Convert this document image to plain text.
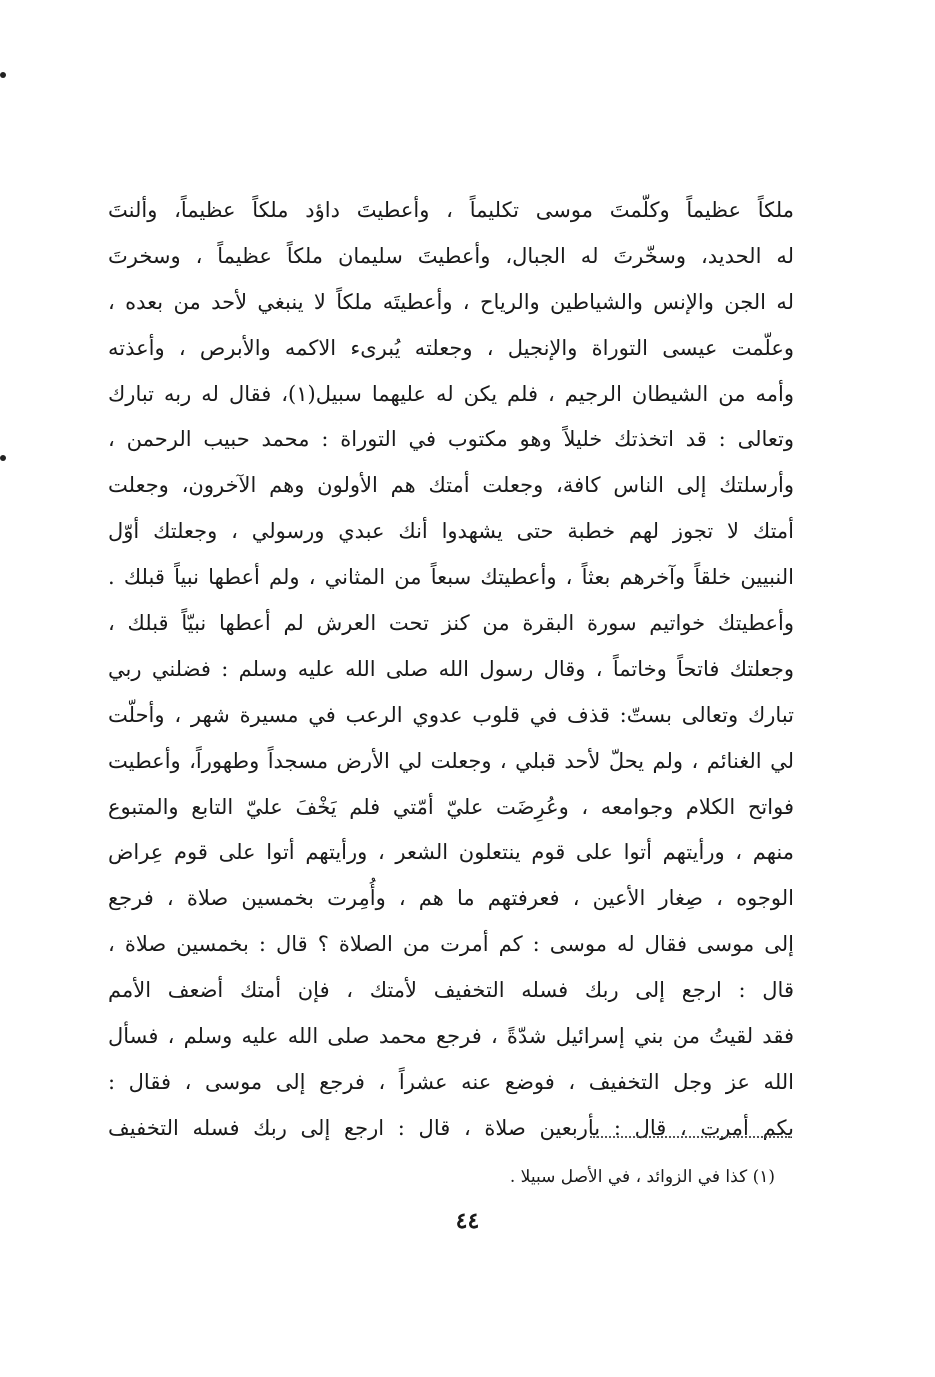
ملكاً عظيماً وكلّمتَ موسى تكليماً ، وأعطيتَ داؤد ملكاً عظيماً، وألنتَ
له الحديد، وسخّرتَ له الجبال، وأعطيتَ سليمان ملكاً عظيماً ، وسخرتَ
له الجن والإنس والشياطين والرياح ، وأعطيتَه ملكاً لا ينبغي لأحد من بعده ،
وعلّمت عيسى التوراة والإنجيل ، وجعلته يُبرىء الاكمه والأبرص ، وأعذته
وأمه من الشيطان الرجيم ، فلم يكن له عليهما سبيل(١)، فقال له ربه تبارك
وتعالى : قد اتخذتك خليلاً وهو مكتوب في التوراة : محمد حبيب الرحمن ،
وأرسلتك إلى الناس كافة، وجعلت أمتك هم الأولون وهم الآخرون، وجعلت
أمتك لا تجوز لهم خطبة حتى يشهدوا أنك عبدي ورسولي ، وجعلتك أوّل
النبيين خلقاً وآخرهم بعثاً ، وأعطيتك سبعاً من المثاني ، ولم أعطها نبياً قبلك .
وأعطيتك خواتيم سورة البقرة من كنز تحت العرش لم أعطها نبيّاً قبلك ،
وجعلتك فاتحاً وخاتماً ، وقال رسول الله صلى الله عليه وسلم : فضلني ربي
تبارك وتعالى بستّ: قذف في قلوب عدوي الرعب في مسيرة شهر ، وأحلّت
لي الغنائم ، ولم يحلّ لأحد قبلي ، وجعلت لي الأرض مسجداً وطهوراً، وأعطيت
فواتح الكلام وجوامعه ، وعُرِضَت عليّ أمّتي فلم يَخْفَ عليّ التابع والمتبوع
منهم ، ورأيتهم أتوا على قوم ينتعلون الشعر ، ورأيتهم أتوا على قوم عِراض
الوجوه ، صِغار الأعين ، فعرفتهم ما هم ، وأُمِرت بخمسين صلاة ، فرجع
إلى موسى فقال له موسى : كم أمرت من الصلاة ؟ قال : بخمسين صلاة ،
قال : ارجع إلى ربك فسله التخفيف لأمتك ، فإن أمتك أضعف الأمم
فقد لقيتُ من بني إسرائيل شدّةً ، فرجع محمد صلى الله عليه وسلم ، فسأل
الله عز وجل التخفيف ، فوضع عنه عشراً ، فرجع إلى موسى ، فقال :
بكم أمرت ، قال : بأربعين صلاة ، قال : ارجع إلى ربك فسله التخفيف
(١) كذا في الزوائد ، في الأصل سبيلا .
٤٤
